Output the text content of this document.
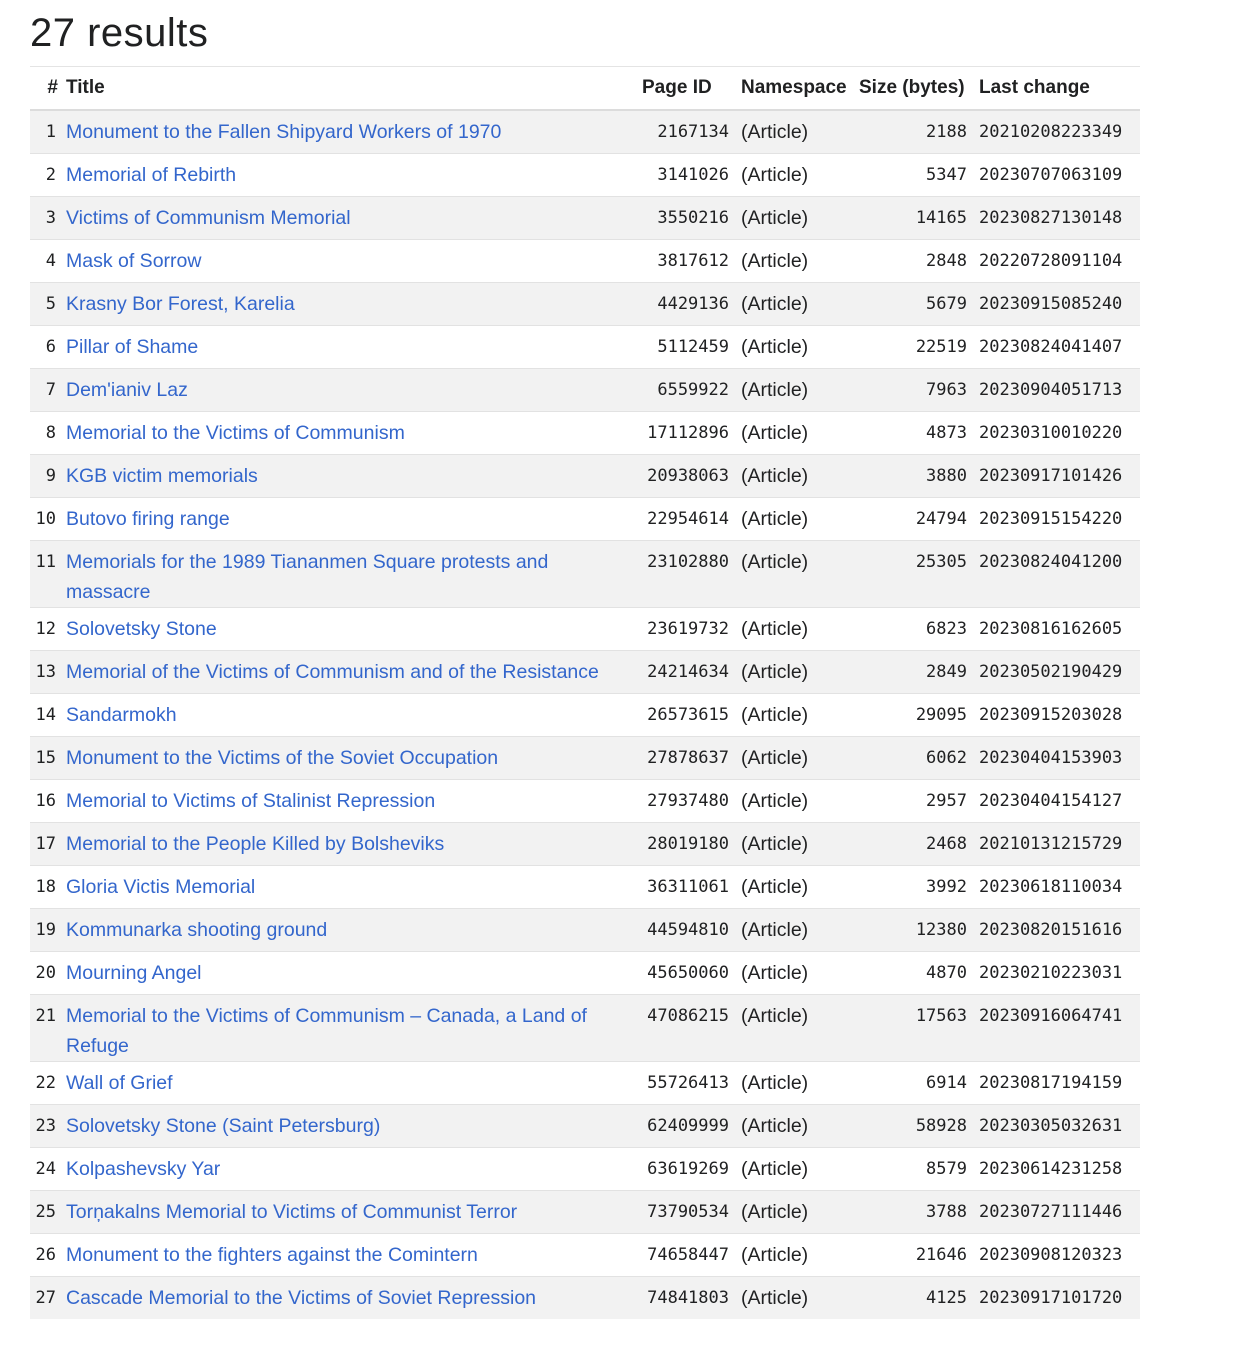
27 results
#	Title	Page ID	Namespace	Size (bytes)	Last change
1	Monument to the Fallen Shipyard Workers of 1970	2167134	(Article)	2188	20210208223349
2	Memorial of Rebirth	3141026	(Article)	5347	20230707063109
3	Victims of Communism Memorial	3550216	(Article)	14165	20230827130148
4	Mask of Sorrow	3817612	(Article)	2848	20220728091104
5	Krasny Bor Forest, Karelia	4429136	(Article)	5679	20230915085240
6	Pillar of Shame	5112459	(Article)	22519	20230824041407
7	Dem'ianiv Laz	6559922	(Article)	7963	20230904051713
8	Memorial to the Victims of Communism	17112896	(Article)	4873	20230310010220
9	KGB victim memorials	20938063	(Article)	3880	20230917101426
10	Butovo firing range	22954614	(Article)	24794	20230915154220
11	Memorials for the 1989 Tiananmen Square protests and massacre	23102880	(Article)	25305	20230824041200
12	Solovetsky Stone	23619732	(Article)	6823	20230816162605
13	Memorial of the Victims of Communism and of the Resistance	24214634	(Article)	2849	20230502190429
14	Sandarmokh	26573615	(Article)	29095	20230915203028
15	Monument to the Victims of the Soviet Occupation	27878637	(Article)	6062	20230404153903
16	Memorial to Victims of Stalinist Repression	27937480	(Article)	2957	20230404154127
17	Memorial to the People Killed by Bolsheviks	28019180	(Article)	2468	20210131215729
18	Gloria Victis Memorial	36311061	(Article)	3992	20230618110034
19	Kommunarka shooting ground	44594810	(Article)	12380	20230820151616
20	Mourning Angel	45650060	(Article)	4870	20230210223031
21	Memorial to the Victims of Communism – Canada, a Land of Refuge	47086215	(Article)	17563	20230916064741
22	Wall of Grief	55726413	(Article)	6914	20230817194159
23	Solovetsky Stone (Saint Petersburg)	62409999	(Article)	58928	20230305032631
24	Kolpashevsky Yar	63619269	(Article)	8579	20230614231258
25	Torņakalns Memorial to Victims of Communist Terror	73790534	(Article)	3788	20230727111446
26	Monument to the fighters against the Comintern	74658447	(Article)	21646	20230908120323
27	Cascade Memorial to the Victims of Soviet Repression	74841803	(Article)	4125	20230917101720
